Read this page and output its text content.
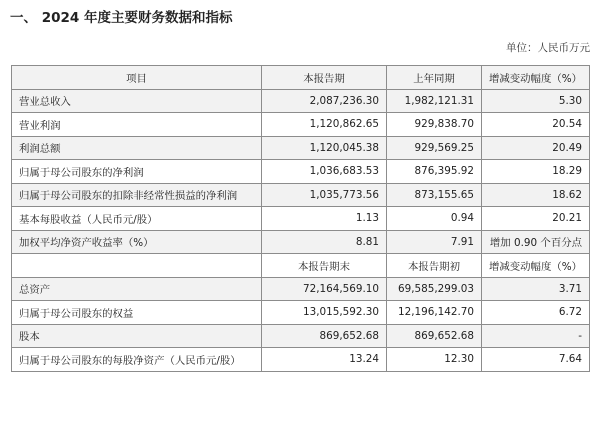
一、 2024 年度主要财务数据和指标
单位：人民币万元
项目	本报告期	上年同期	增减变动幅度（%）
营业总收入	2,087,236.30	1,982,121.31	5.30
营业利润	1,120,862.65	929,838.70	20.54
利润总额	1,120,045.38	929,569.25	20.49
归属于母公司股东的净利润	1,036,683.53	876,395.92	18.29
归属于母公司股东的扣除非经常性损益的净利润	1,035,773.56	873,155.65	18.62
基本每股收益（人民币元/股）	1.13	0.94	20.21
加权平均净资产收益率（%）	8.81	7.91	增加 0.90 个百分点
	本报告期末	本报告期初	增减变动幅度（%）
总资产	72,164,569.10	69,585,299.03	3.71
归属于母公司股东的权益	13,015,592.30	12,196,142.70	6.72
股本	869,652.68	869,652.68	-
归属于母公司股东的每股净资产（人民币元/股）	13.24	12.30	7.64
